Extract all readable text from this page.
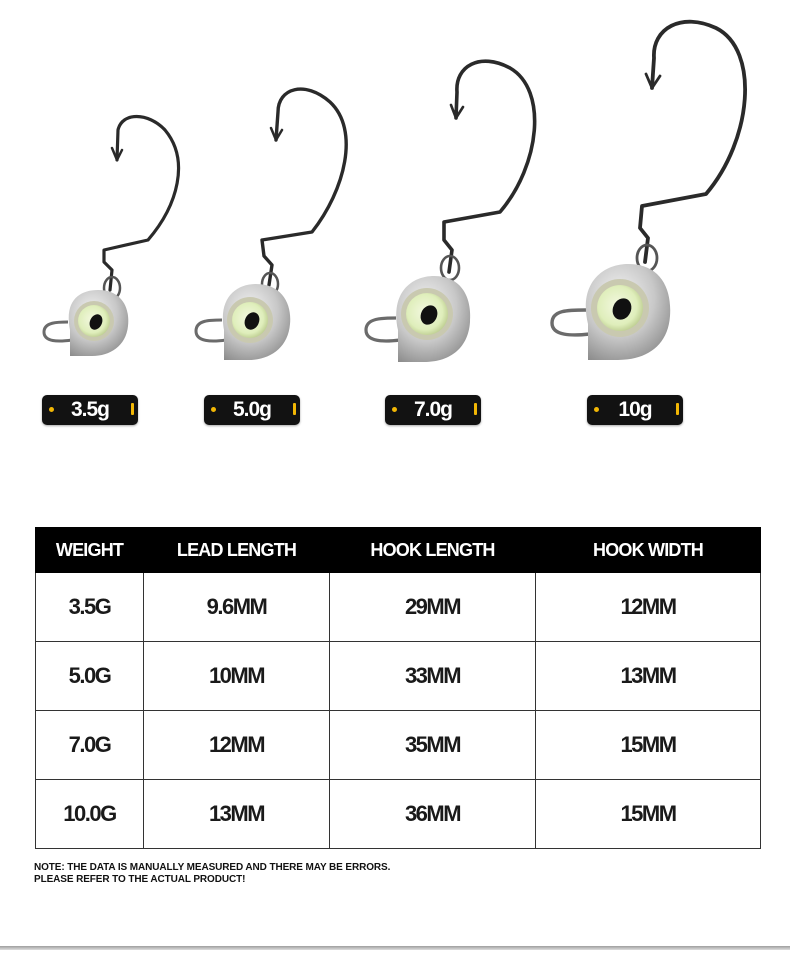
3.5g	5.0g	7.0g	10g
WEIGHT	LEAD LENGTH	HOOK LENGTH	HOOK WIDTH
3.5G	9.6MM	29MM	12MM
5.0G	10MM	33MM	13MM
7.0G	12MM	35MM	15MM
10.0G	13MM	36MM	15MM
NOTE: THE DATA IS MANUALLY MEASURED AND THERE MAY BE ERRORS.
PLEASE REFER TO THE ACTUAL PRODUCT!
